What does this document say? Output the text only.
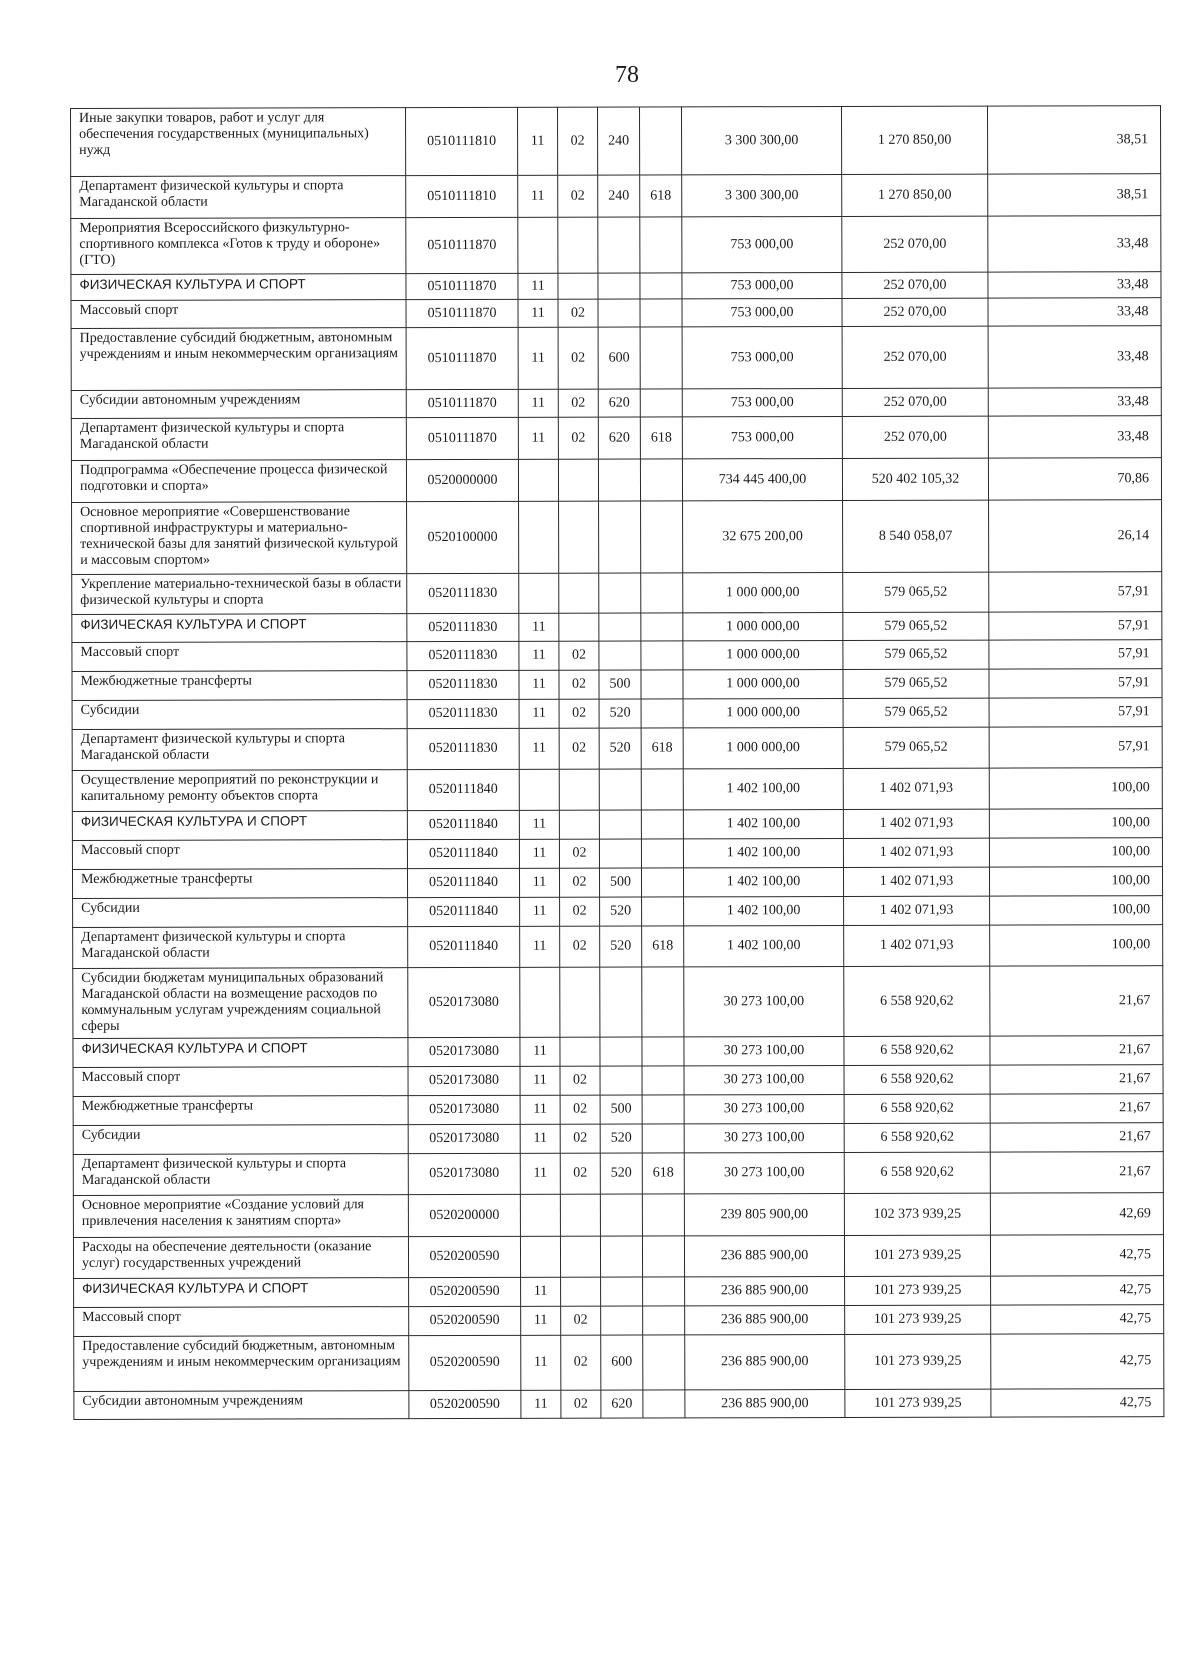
78
Иные закупки товаров, работ и услуг для обеспечения государственных (муниципальных) нужд	0510111810	11	02	240		3 300 300,00	1 270 850,00	38,51
Департамент физической культуры и спорта Магаданской области	0510111810	11	02	240	618	3 300 300,00	1 270 850,00	38,51
Мероприятия Всероссийского физкультурно-спортивного комплекса «Готов к труду и обороне» (ГТО)	0510111870					753 000,00	252 070,00	33,48
ФИЗИЧЕСКАЯ КУЛЬТУРА И СПОРТ	0510111870	11				753 000,00	252 070,00	33,48
Массовый спорт	0510111870	11	02			753 000,00	252 070,00	33,48
Предоставление субсидий бюджетным, автономным учреждениям и иным некоммерческим организациям	0510111870	11	02	600		753 000,00	252 070,00	33,48
Субсидии автономным учреждениям	0510111870	11	02	620		753 000,00	252 070,00	33,48
Департамент физической культуры и спорта Магаданской области	0510111870	11	02	620	618	753 000,00	252 070,00	33,48
Подпрограмма «Обеспечение процесса физической подготовки и спорта»	0520000000					734 445 400,00	520 402 105,32	70,86
Основное мероприятие «Совершенствование спортивной инфраструктуры и материально-технической базы для занятий физической культурой и массовым спортом»	0520100000					32 675 200,00	8 540 058,07	26,14
Укрепление материально-технической базы в области физической культуры и спорта	0520111830					1 000 000,00	579 065,52	57,91
ФИЗИЧЕСКАЯ КУЛЬТУРА И СПОРТ	0520111830	11				1 000 000,00	579 065,52	57,91
Массовый спорт	0520111830	11	02			1 000 000,00	579 065,52	57,91
Межбюджетные трансферты	0520111830	11	02	500		1 000 000,00	579 065,52	57,91
Субсидии	0520111830	11	02	520		1 000 000,00	579 065,52	57,91
Департамент физической культуры и спорта Магаданской области	0520111830	11	02	520	618	1 000 000,00	579 065,52	57,91
Осуществление мероприятий по реконструкции и капитальному ремонту объектов спорта	0520111840					1 402 100,00	1 402 071,93	100,00
ФИЗИЧЕСКАЯ КУЛЬТУРА И СПОРТ	0520111840	11				1 402 100,00	1 402 071,93	100,00
Массовый спорт	0520111840	11	02			1 402 100,00	1 402 071,93	100,00
Межбюджетные трансферты	0520111840	11	02	500		1 402 100,00	1 402 071,93	100,00
Субсидии	0520111840	11	02	520		1 402 100,00	1 402 071,93	100,00
Департамент физической культуры и спорта Магаданской области	0520111840	11	02	520	618	1 402 100,00	1 402 071,93	100,00
Субсидии бюджетам муниципальных образований Магаданской области на возмещение расходов по коммунальным услугам учреждениям социальной сферы	0520173080					30 273 100,00	6 558 920,62	21,67
ФИЗИЧЕСКАЯ КУЛЬТУРА И СПОРТ	0520173080	11				30 273 100,00	6 558 920,62	21,67
Массовый спорт	0520173080	11	02			30 273 100,00	6 558 920,62	21,67
Межбюджетные трансферты	0520173080	11	02	500		30 273 100,00	6 558 920,62	21,67
Субсидии	0520173080	11	02	520		30 273 100,00	6 558 920,62	21,67
Департамент физической культуры и спорта Магаданской области	0520173080	11	02	520	618	30 273 100,00	6 558 920,62	21,67
Основное мероприятие «Создание условий для привлечения населения к занятиям спорта»	0520200000					239 805 900,00	102 373 939,25	42,69
Расходы на обеспечение деятельности (оказание услуг) государственных учреждений	0520200590					236 885 900,00	101 273 939,25	42,75
ФИЗИЧЕСКАЯ КУЛЬТУРА И СПОРТ	0520200590	11				236 885 900,00	101 273 939,25	42,75
Массовый спорт	0520200590	11	02			236 885 900,00	101 273 939,25	42,75
Предоставление субсидий бюджетным, автономным учреждениям и иным некоммерческим организациям	0520200590	11	02	600		236 885 900,00	101 273 939,25	42,75
Субсидии автономным учреждениям	0520200590	11	02	620		236 885 900,00	101 273 939,25	42,75
